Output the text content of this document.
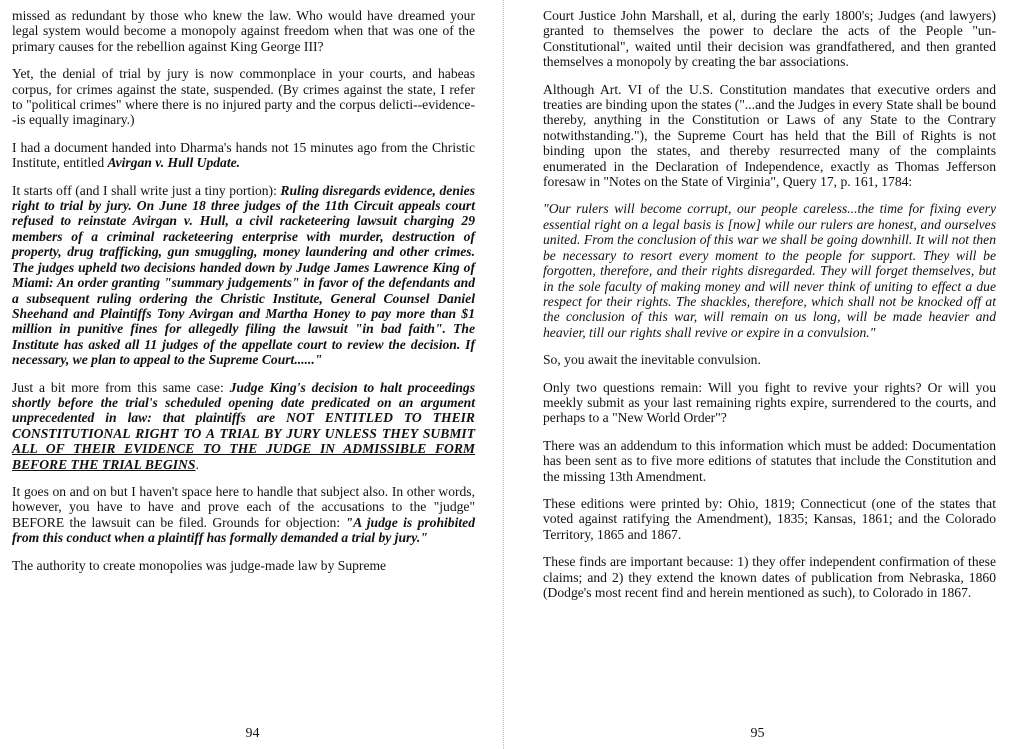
missed as redundant by those who knew the law. Who would have dreamed your legal system would become a monopoly against freedom when that was one of the primary causes for the rebellion against King George III?

Yet, the denial of trial by jury is now commonplace in your courts, and habeas corpus, for crimes against the state, suspended. (By crimes against the state, I refer to "political crimes" where there is no injured party and the corpus delicti--evidence--is equally imaginary.)

I had a document handed into Dharma's hands not 15 minutes ago from the Christic Institute, entitled Avirgan v. Hull Update.

It starts off (and I shall write just a tiny portion): Ruling disregards evidence, denies right to trial by jury. On June 18 three judges of the 11th Circuit appeals court refused to reinstate Avirgan v. Hull, a civil racketeering lawsuit charging 29 members of a criminal racketeering enterprise with murder, destruction of property, drug trafficking, gun smuggling, money laundering and other crimes. The judges upheld two decisions handed down by Judge James Lawrence King of Miami: An order granting "summary judgements" in favor of the defendants and a subsequent ruling ordering the Christic Institute, General Counsel Daniel Sheehand and Plaintiffs Tony Avirgan and Martha Honey to pay more than $1 million in punitive fines for allegedly filing the lawsuit "in bad faith". The Institute has asked all 11 judges of the appellate court to review the decision. If necessary, we plan to appeal to the Supreme Court......"

Just a bit more from this same case: Judge King's decision to halt proceedings shortly before the trial's scheduled opening date predicated on an argument unprecedented in law: that plaintiffs are NOT ENTITLED TO THEIR CONSTITUTIONAL RIGHT TO A TRIAL BY JURY UNLESS THEY SUBMIT ALL OF THEIR EVIDENCE TO THE JUDGE IN ADMISSIBLE FORM BEFORE THE TRIAL BEGINS.

It goes on and on but I haven't space here to handle that subject also. In other words, however, you have to have and prove each of the accusations to the "judge" BEFORE the lawsuit can be filed. Grounds for objection: "A judge is prohibited from this conduct when a plaintiff has formally demanded a trial by jury."

The authority to create monopolies was judge-made law by Supreme

94

Court Justice John Marshall, et al, during the early 1800's; Judges (and lawyers) granted to themselves the power to declare the acts of the People "un-Constitutional", waited until their decision was grandfathered, and then granted themselves a monopoly by creating the bar associations.

Although Art. VI of the U.S. Constitution mandates that executive orders and treaties are binding upon the states ("...and the Judges in every State shall be bound thereby, anything in the Constitution or Laws of any State to the Contrary notwithstanding."), the Supreme Court has held that the Bill of Rights is not binding upon the states, and thereby resurrected many of the complaints enumerated in the Declaration of Independence, exactly as Thomas Jefferson foresaw in "Notes on the State of Virginia", Query 17, p. 161, 1784:

"Our rulers will become corrupt, our people careless...the time for fixing every essential right on a legal basis is [now] while our rulers are honest, and ourselves united. From the conclusion of this war we shall be going downhill. It will not then be necessary to resort every moment to the people for support. They will be forgotten, therefore, and their rights disregarded. They will forget themselves, but in the sole faculty of making money and will never think of uniting to effect a due respect for their rights. The shackles, therefore, which shall not be knocked off at the conclusion of this war, will remain on us long, will be made heavier and heavier, till our rights shall revive or expire in a convulsion."

So, you await the inevitable convulsion.

Only two questions remain: Will you fight to revive your rights? Or will you meekly submit as your last remaining rights expire, surrendered to the courts, and perhaps to a "New World Order"?

There was an addendum to this information which must be added: Documentation has been sent as to five more editions of statutes that include the Constitution and the missing 13th Amendment.

These editions were printed by: Ohio, 1819; Connecticut (one of the states that voted against ratifying the Amendment), 1835; Kansas, 1861; and the Colorado Territory, 1865 and 1867.

These finds are important because: 1) they offer independent confirmation of these claims; and 2) they extend the known dates of publication from Nebraska, 1860 (Dodge's most recent find and herein mentioned as such), to Colorado in 1867.

95
